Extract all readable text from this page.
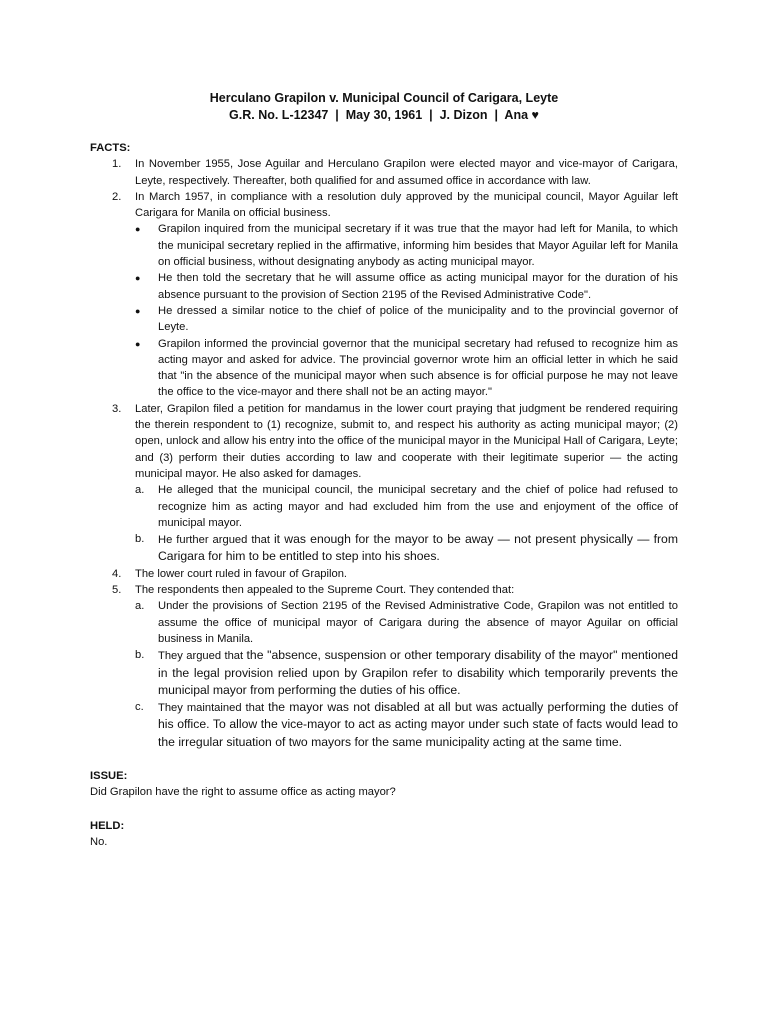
Herculano Grapilon v. Municipal Council of Carigara, Leyte
G.R. No. L-12347  |  May 30, 1961  |  J. Dizon  |  Ana ♥

FACTS:

1. In November 1955, Jose Aguilar and Herculano Grapilon were elected mayor and vice-mayor of Carigara, Leyte, respectively. Thereafter, both qualified for and assumed office in accordance with law.
2. In March 1957, in compliance with a resolution duly approved by the municipal council, Mayor Aguilar left Carigara for Manila on official business.
● Grapilon inquired from the municipal secretary if it was true that the mayor had left for Manila, to which the municipal secretary replied in the affirmative, informing him besides that Mayor Aguilar left for Manila on official business, without designating anybody as acting municipal mayor.
● He then told the secretary that he will assume office as acting municipal mayor for the duration of his absence pursuant to the provision of Section 2195 of the Revised Administrative Code".
● He dressed a similar notice to the chief of police of the municipality and to the provincial governor of Leyte.
● Grapilon informed the provincial governor that the municipal secretary had refused to recognize him as acting mayor and asked for advice. The provincial governor wrote him an official letter in which he said that "in the absence of the municipal mayor when such absence is for official purpose he may not leave the office to the vice-mayor and there shall not be an acting mayor."
3. Later, Grapilon filed a petition for mandamus in the lower court praying that judgment be rendered requiring the therein respondent to (1) recognize, submit to, and respect his authority as acting municipal mayor; (2) open, unlock and allow his entry into the office of the municipal mayor in the Municipal Hall of Carigara, Leyte; and (3) perform their duties according to law and cooperate with their legitimate superior — the acting municipal mayor. He also asked for damages.
a. He alleged that the municipal council, the municipal secretary and the chief of police had refused to recognize him as acting mayor and had excluded him from the use and enjoyment of the office of municipal mayor.
b. He further argued that it was enough for the mayor to be away — not present physically — from Carigara for him to be entitled to step into his shoes.
4. The lower court ruled in favour of Grapilon.
5. The respondents then appealed to the Supreme Court. They contended that:
a. Under the provisions of Section 2195 of the Revised Administrative Code, Grapilon was not entitled to assume the office of municipal mayor of Carigara during the absence of mayor Aguilar on official business in Manila.
b. They argued that the "absence, suspension or other temporary disability of the mayor" mentioned in the legal provision relied upon by Grapilon refer to disability which temporarily prevents the municipal mayor from performing the duties of his office.
c. They maintained that the mayor was not disabled at all but was actually performing the duties of his office. To allow the vice-mayor to act as acting mayor under such state of facts would lead to the irregular situation of two mayors for the same municipality acting at the same time.

ISSUE:

Did Grapilon have the right to assume office as acting mayor?

HELD:

No.
